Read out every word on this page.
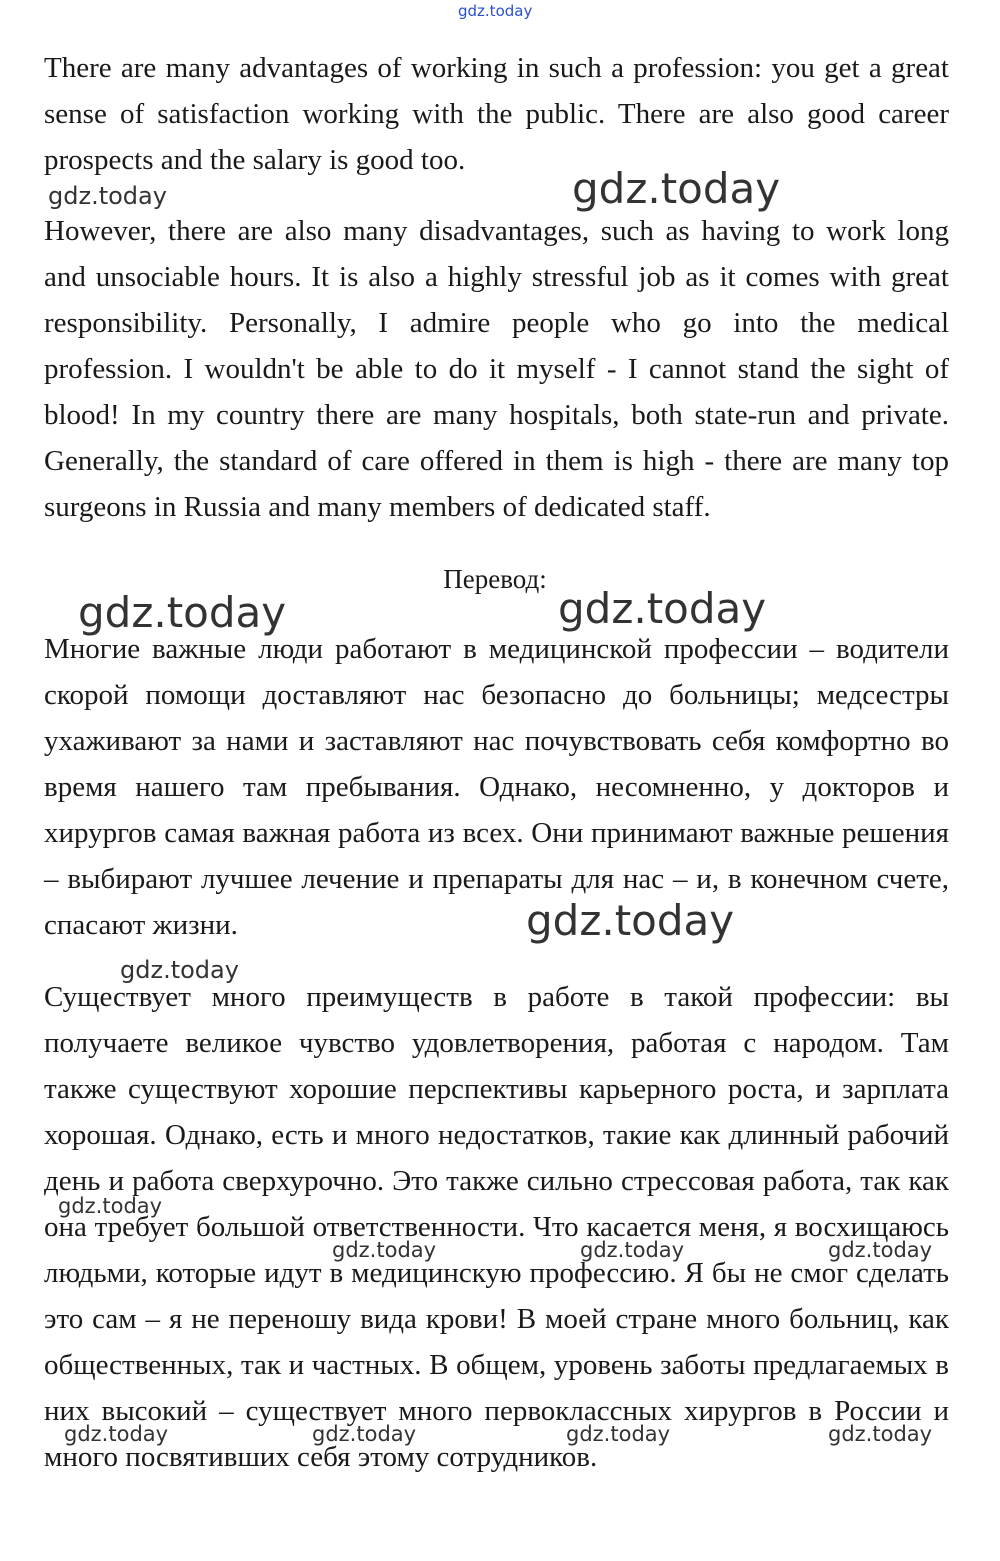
There are many advantages of working in such a profession: you get a great sense of satisfaction working with the public. There are also good career prospects and the salary is good too.

However, there are also many disadvantages, such as having to work long and unsociable hours. It is also a highly stressful job as it comes with great responsibility. Personally, I admire people who go into the medical profession. I wouldn't be able to do it myself - I cannot stand the sight of blood! In my country there are many hospitals, both state-run and private. Generally, the standard of care offered in them is high - there are many top surgeons in Russia and many members of dedicated staff.

Перевод:

Многие важные люди работают в медицинской профессии – водители скорой помощи доставляют нас безопасно до больницы; медсестры ухаживают за нами и заставляют нас почувствовать себя комфортно во время нашего там пребывания. Однако, несомненно, у докторов и хирургов самая важная работа из всех. Они принимают важные решения – выбирают лучшее лечение и препараты для нас – и, в конечном счете, спасают жизни.

Существует много преимуществ в работе в такой профессии: вы получаете великое чувство удовлетворения, работая с народом. Там также существуют хорошие перспективы карьерного роста, и зарплата хорошая. Однако, есть и много недостатков, такие как длинный рабочий день и работа сверхурочно. Это также сильно стрессовая работа, так как она требует большой ответственности. Что касается меня, я восхищаюсь людьми, которые идут в медицинскую профессию. Я бы не смог сделать это сам – я не переношу вида крови! В моей стране много больниц, как общественных, так и частных. В общем, уровень заботы предлагаемых в них высокий – существует много первоклассных хирургов в России и много посвятивших себя этому сотрудников.

gdz.today
gdz.today	gdz.today
gdz.today	gdz.today
gdz.today
gdz.today
gdz.today
gdz.today	gdz.today	gdz.today
gdz.today	gdz.today	gdz.today	gdz.today
